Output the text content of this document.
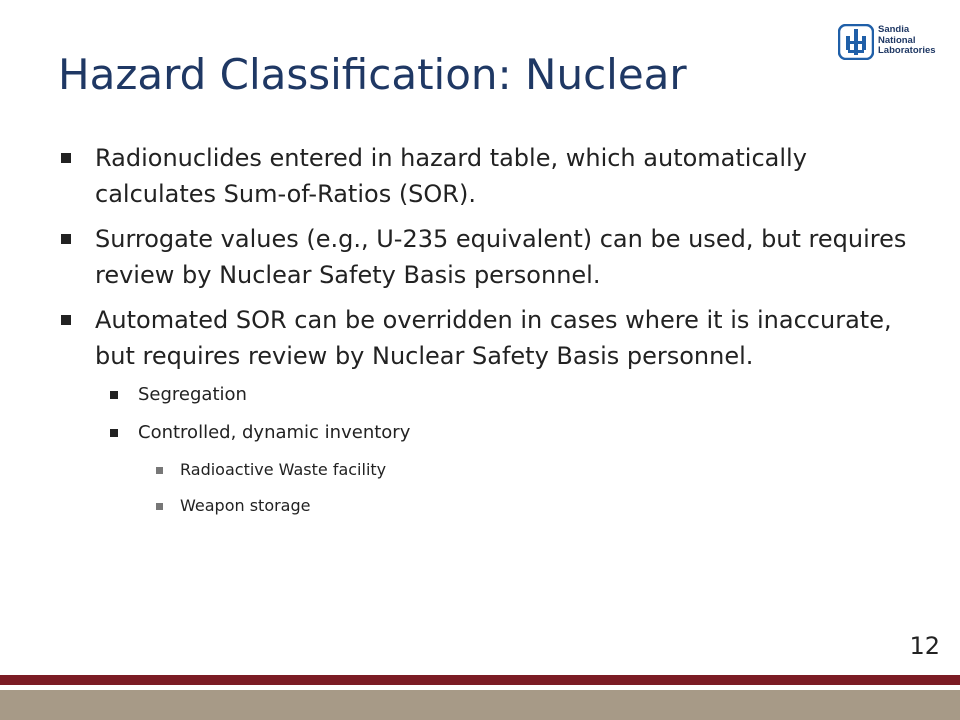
Hazard Classification: Nuclear
Sandia
National
Laboratories
Radionuclides entered in hazard table, which automatically calculates Sum-of-Ratios (SOR).
Surrogate values (e.g., U-235 equivalent) can be used, but requires review by Nuclear Safety Basis personnel.
Automated SOR can be overridden in cases where it is inaccurate, but requires review by Nuclear Safety Basis personnel.
Segregation
Controlled, dynamic inventory
Radioactive Waste facility
Weapon storage
12
